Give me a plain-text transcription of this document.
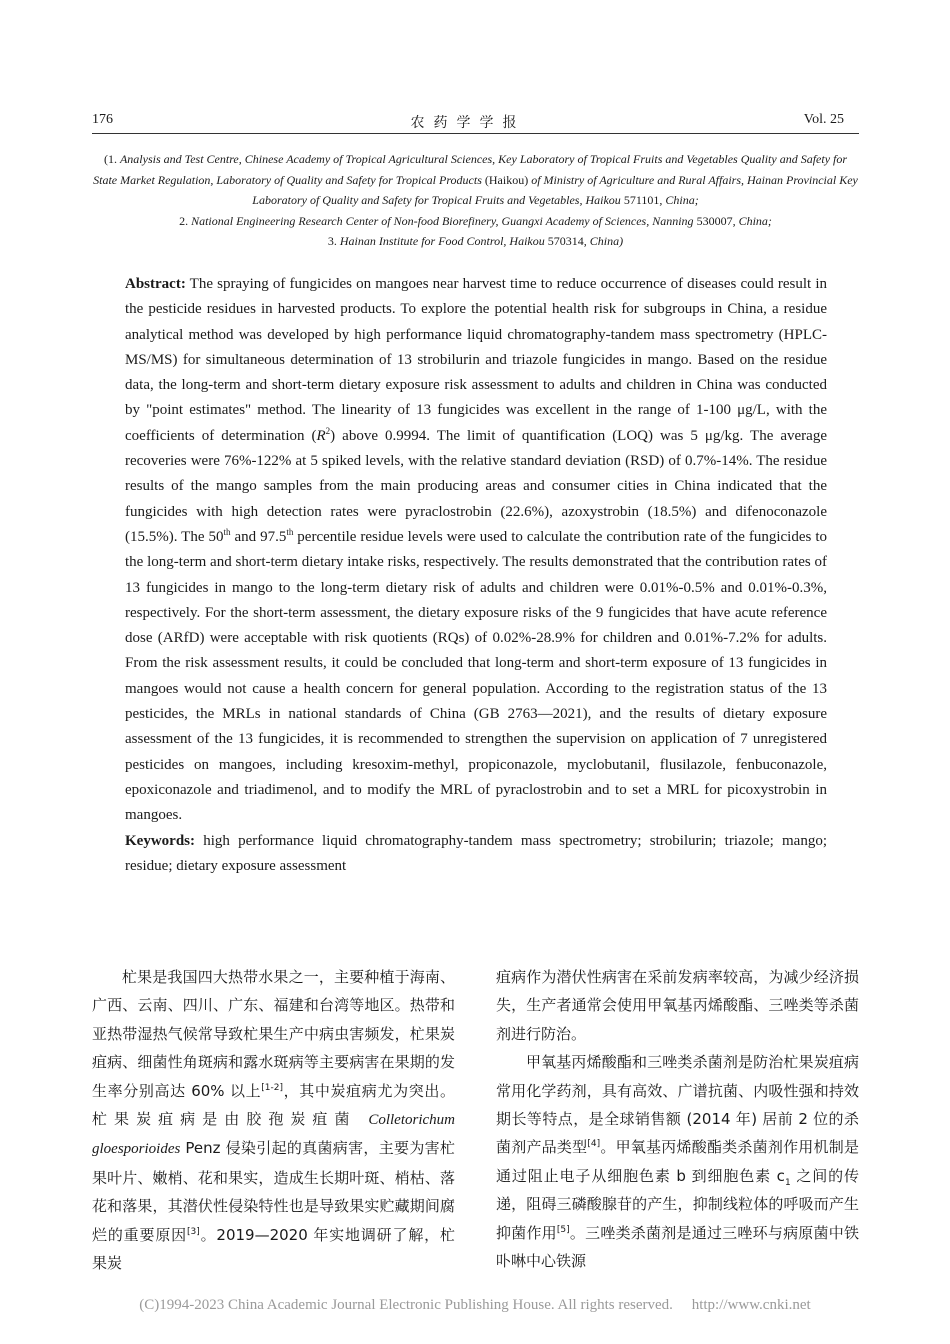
176	农药学学报	Vol. 25
(1. Analysis and Test Centre, Chinese Academy of Tropical Agricultural Sciences, Key Laboratory of Tropical Fruits and Vegetables Quality and Safety for State Market Regulation, Laboratory of Quality and Safety for Tropical Products (Haikou) of Ministry of Agriculture and Rural Affairs, Hainan Provincial Key Laboratory of Quality and Safety for Tropical Fruits and Vegetables, Haikou 571101, China;
2. National Engineering Research Center of Non-food Biorefinery, Guangxi Academy of Sciences, Nanning 530007, China;
3. Hainan Institute for Food Control, Haikou 570314, China)

Abstract: The spraying of fungicides on mangoes near harvest time to reduce occurrence of diseases could result in the pesticide residues in harvested products. To explore the potential health risk for subgroups in China, a residue analytical method was developed by high performance liquid chromatography-tandem mass spectrometry (HPLC-MS/MS) for simultaneous determination of 13 strobilurin and triazole fungicides in mango. Based on the residue data, the long-term and short-term dietary exposure risk assessment to adults and children in China was conducted by "point estimates" method. The linearity of 13 fungicides was excellent in the range of 1-100 μg/L, with the coefficients of determination $(R^2)$ above 0.9994. The limit of quantification (LOQ) was 5 μg/kg. The average recoveries were 76%-122% at 5 spiked levels, with the relative standard deviation (RSD) of 0.7%-14%. The residue results of the mango samples from the main producing areas and consumer cities in China indicated that the fungicides with high detection rates were pyraclostrobin (22.6%), azoxystrobin (18.5%) and difenoconazole (15.5%). The 50th and 97.5th percentile residue levels were used to calculate the contribution rate of the fungicides to the long-term and short-term dietary intake risks, respectively. The results demonstrated that the contribution rates of 13 fungicides in mango to the long-term dietary risk of adults and children were 0.01%-0.5% and 0.01%-0.3%, respectively. For the short-term assessment, the dietary exposure risks of the 9 fungicides that have acute reference dose (ARfD) were acceptable with risk quotients (RQs) of 0.02%-28.9% for children and 0.01%-7.2% for adults. From the risk assessment results, it could be concluded that long-term and short-term exposure of 13 fungicides in mangoes would not cause a health concern for general population. According to the registration status of the 13 pesticides, the MRLs in national standards of China (GB 2763—2021), and the results of dietary exposure assessment of the 13 fungicides, it is recommended to strengthen the supervision on application of 7 unregistered pesticides on mangoes, including kresoxim-methyl, propiconazole, myclobutanil, flusilazole, fenbuconazole, epoxiconazole and triadimenol, and to modify the MRL of pyraclostrobin and to set a MRL for picoxystrobin in mangoes.

Keywords: high performance liquid chromatography-tandem mass spectrometry; strobilurin; triazole; mango; residue; dietary exposure assessment

杧果是我国四大热带水果之一，主要种植于海南、广西、云南、四川、广东、福建和台湾等地区。热带和亚热带湿热气候常导致杧果生产中病虫害频发，杧果炭疽病、细菌性角斑病和露水斑病等主要病害在果期的发生率分别高达 60% 以上[1-2]，其中炭疽病尤为突出。杧果炭疽病是由胶孢炭疽菌 Colletorichum gloesporioides Penz 侵染引起的真菌病害，主要为害杧果叶片、嫩梢、花和果实，造成生长期叶斑、梢枯、落花和落果，其潜伏性侵染特性也是导致果实贮藏期间腐烂的重要原因[3]。2019—2020 年实地调研了解，杧果炭

疽病作为潜伏性病害在采前发病率较高，为减少经济损失，生产者通常会使用甲氧基丙烯酸酯、三唑类等杀菌剂进行防治。

甲氧基丙烯酸酯和三唑类杀菌剂是防治杧果炭疽病常用化学药剂，具有高效、广谱抗菌、内吸性强和持效期长等特点，是全球销售额 (2014 年) 居前 2 位的杀菌剂产品类型[4]。甲氧基丙烯酸酯类杀菌剂作用机制是通过阻止电子从细胞色素 b 到细胞色素 $c_1$ 之间的传递，阻碍三磷酸腺苷的产生，抑制线粒体的呼吸而产生抑菌作用[5]。三唑类杀菌剂是通过三唑环与病原菌中铁卟啉中心铁源

(C)1994-2023 China Academic Journal Electronic Publishing House. All rights reserved. http://www.cnki.net
